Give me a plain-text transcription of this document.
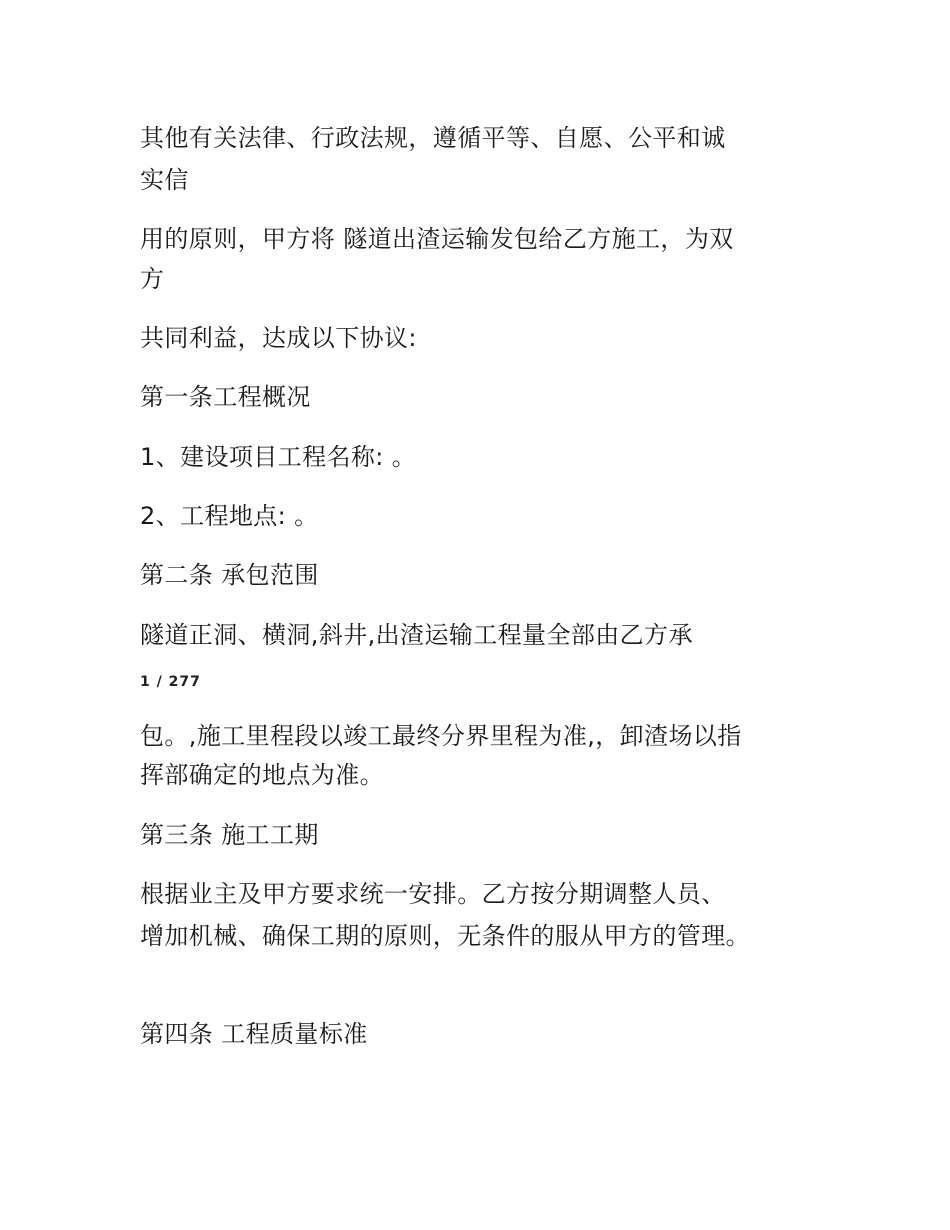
其他有关法律、行政法规，遵循平等、自愿、公平和诚
实信
用的原则，甲方将 隧道出渣运输发包给乙方施工，为双
方
共同利益，达成以下协议:
第一条工程概况
1、建设项目工程名称: 。
2、工程地点: 。
第二条 承包范围
隧道正洞、横洞,斜井,出渣运输工程量全部由乙方承
1 / 277
包。,施工里程段以竣工最终分界里程为准,，卸渣场以指
挥部确定的地点为准。
第三条 施工工期
根据业主及甲方要求统一安排。乙方按分期调整人员、
增加机械、确保工期的原则，无条件的服从甲方的管理。
第四条 工程质量标准
